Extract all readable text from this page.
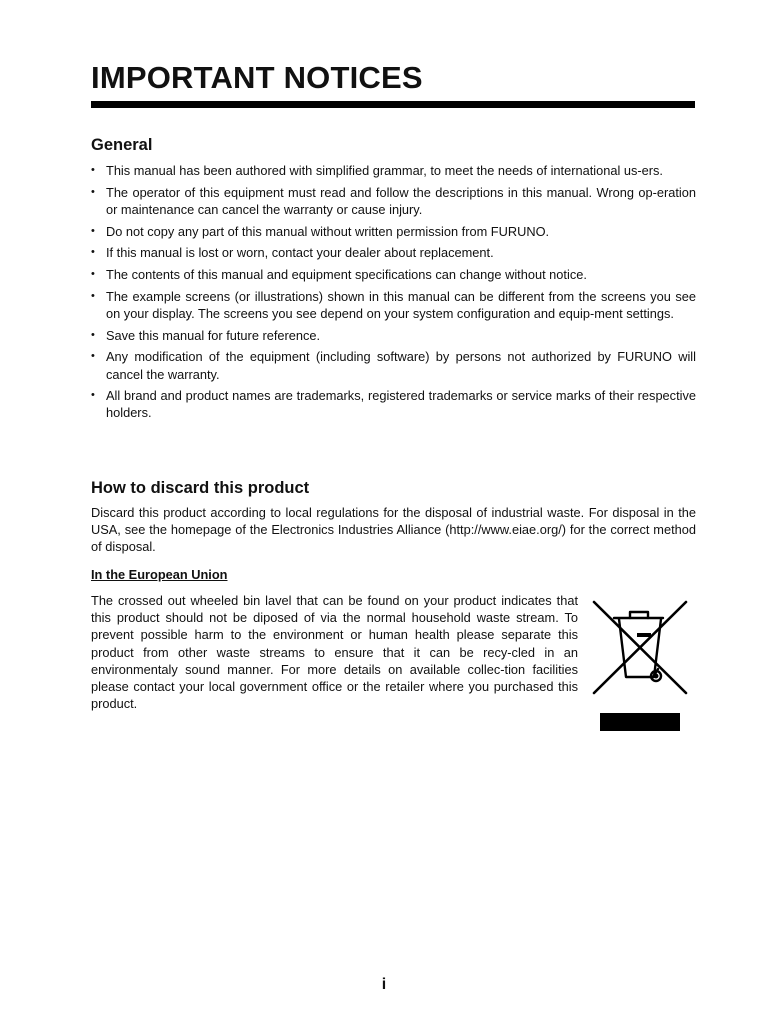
IMPORTANT NOTICES
General
• This manual has been authored with simplified grammar, to meet the needs of international us-ers.
• The operator of this equipment must read and follow the descriptions in this manual. Wrong op-eration or maintenance can cancel the warranty or cause injury.
• Do not copy any part of this manual without written permission from FURUNO.
• If this manual is lost or worn, contact your dealer about replacement.
• The contents of this manual and equipment specifications can change without notice.
• The example screens (or illustrations) shown in this manual can be different from the screens you see on your display. The screens you see depend on your system configuration and equip-ment settings.
• Save this manual for future reference.
• Any modification of the equipment (including software) by persons not authorized by FURUNO will cancel the warranty.
• All brand and product names are trademarks, registered trademarks or service marks of their respective holders.
How to discard this product

Discard this product according to local regulations for the disposal of industrial waste. For disposal in the USA, see the homepage of the Electronics Industries Alliance (http://www.eiae.org/) for the correct method of disposal.

In the European Union

The crossed out wheeled bin lavel that can be found on your product indicates that this product should not be diposed of via the normal household waste stream. To prevent possible harm to the environment or human health please separate this product from other waste streams to ensure that it can be recy-cled in an environmentaly sound manner. For more details on available collec-tion facilities please contact your local government office or the retailer where you purchased this product.

i
